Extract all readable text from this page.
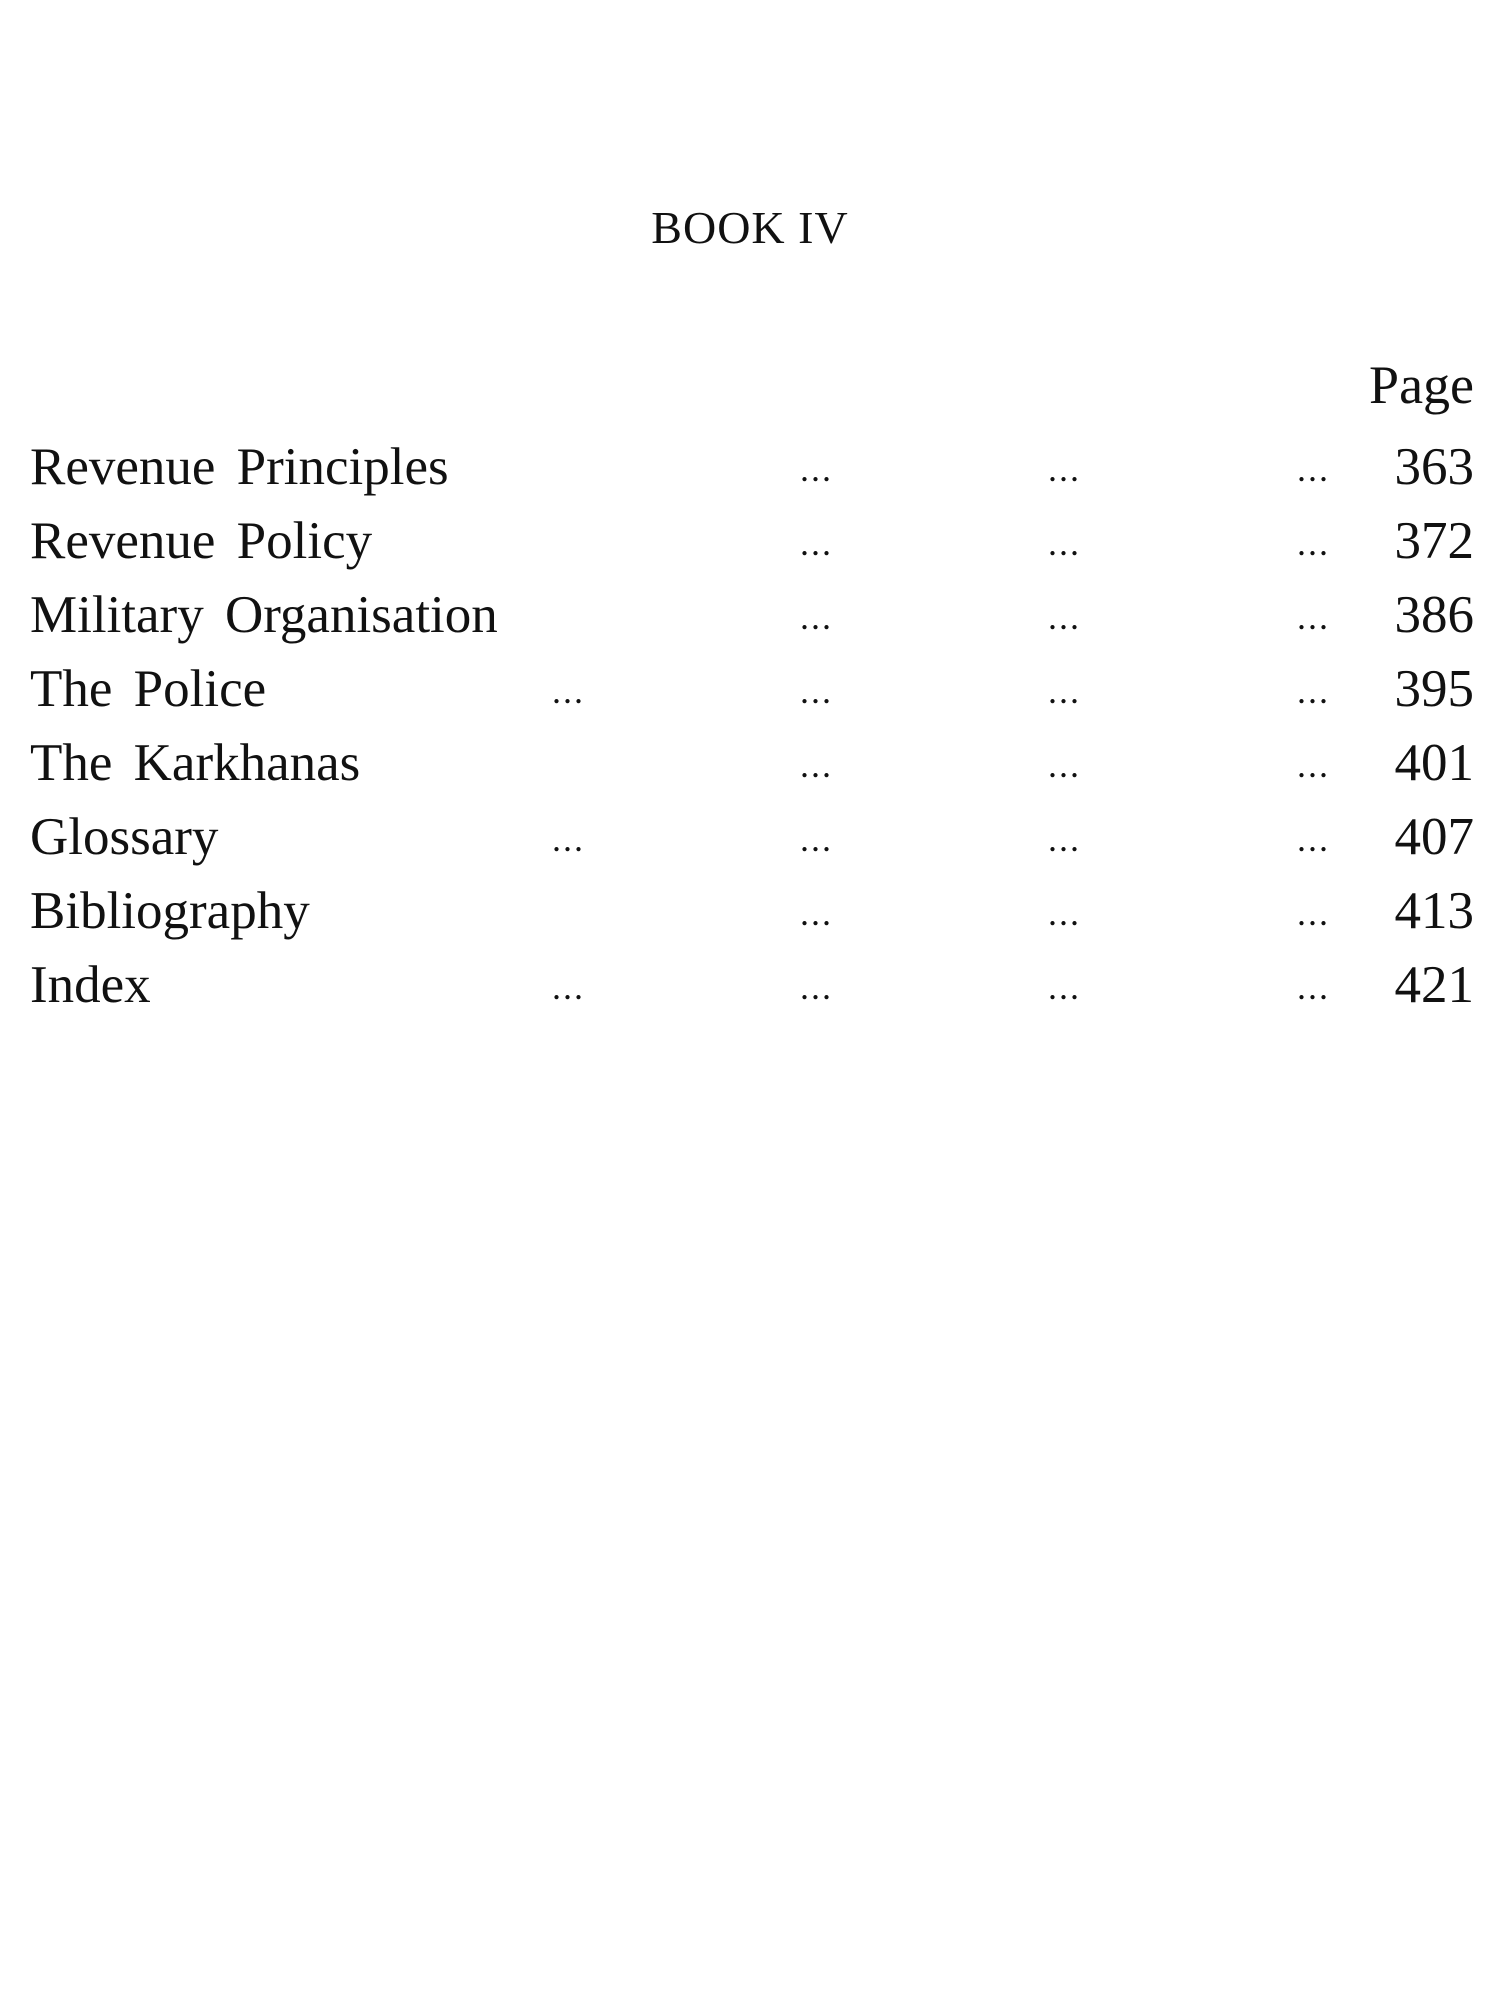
BOOK IV
Page
Revenue Principles	...	...	... 363
Revenue Policy	...	...	... 372
Military Organisation	...	...	... 386
The Police	...	...	...	... 395
The Karkhanas	...	...	... 401
Glossary	...	...	...	... 407
Bibliography	...	...	... 413
Index	...	...	...	... 421
